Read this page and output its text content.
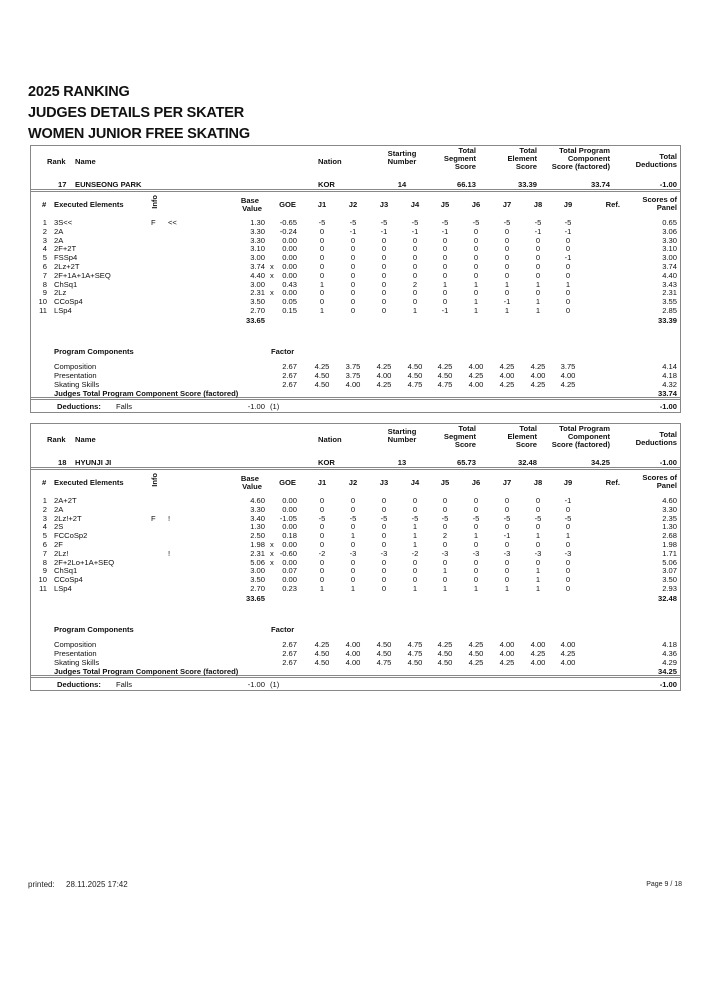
2025 RANKING
JUDGES DETAILS PER SKATER
WOMEN JUNIOR FREE SKATING
Rank Name	Nation
Starting
Number
Total
Segment
Score
Total
Element
Score
Total Program
Component
Score (factored)
Total
Deductions
17 EUNSEONG PARK	KOR	14	66.13	33.39	33.74	-1.00
# Executed Elements	Info	Base
Value	GOE	J1	J2	J3	J4	J5	J6	J7	J8	J9	Ref.
Scores of
Panel
1 3S<<	F <<	1.30	-0.65	-5	-5	-5	-5	-5	-5	-5	-5	-5	0.65
2 2A	3.30	-0.24	0	-1	-1	-1	-1	0	0	-1	-1	3.06
3 2A	3.30	0.00	0	0	0	0	0	0	0	0	0	3.30
4 2F+2T	3.10	0.00	0	0	0	0	0	0	0	0	0	3.10
5 FSSp4	3.00	0.00	0	0	0	0	0	0	0	0	-1	3.00
6 2Lz+2T	3.74 x	0.00	0	0	0	0	0	0	0	0	0	3.74
7 2F+1A+1A+SEQ	4.40 x	0.00	0	0	0	0	0	0	0	0	0	4.40
8 ChSq1	3.00	0.43	1	0	0	2	1	1	1	1	1	3.43
9 2Lz	2.31 x	0.00	0	0	0	0	0	0	0	0	0	2.31
10 CCoSp4	3.50	0.05	0	0	0	0	0	1	-1	1	0	3.55
11 LSp4	2.70	0.15	1	0	0	1	-1	1	1	1	0	2.85
33.65	33.39
Program Components	Factor
Composition	2.67	4.25	3.75	4.25	4.50	4.25	4.00	4.25	4.25	3.75	4.14
Presentation	2.67	4.50	3.75	4.00	4.50	4.50	4.25	4.00	4.00	4.00	4.18
Skating Skills	2.67	4.50	4.00	4.25	4.75	4.75	4.00	4.25	4.25	4.25	4.32
Judges Total Program Component Score (factored)	33.74
Deductions: Falls	-1.00 (1)	-1.00
Rank Name	Nation
Starting
Number
Total
Segment
Score
Total
Element
Score
Total Program
Component
Score (factored)
Total
Deductions
18 HYUNJI JI	KOR	13	65.73	32.48	34.25	-1.00
# Executed Elements	Info	Base
Value	GOE	J1	J2	J3	J4	J5	J6	J7	J8	J9	Ref.
Scores of
Panel
1 2A+2T	4.60	0.00	0	0	0	0	0	0	0	0	-1	4.60
2 2A	3.30	0.00	0	0	0	0	0	0	0	0	0	3.30
3 2Lz!+2T	F !	3.40	-1.05	-5	-5	-5	-5	-5	-5	-5	-5	-5	2.35
4 2S	1.30	0.00	0	0	0	1	0	0	0	0	0	1.30
5 FCCoSp2	2.50	0.18	0	1	0	1	2	1	-1	1	1	2.68
6 2F	1.98 x	0.00	0	0	0	1	0	0	0	0	0	1.98
7 2Lz!	!	2.31 x -0.60	-2	-3	-3	-2	-3	-3	-3	-3	-3	1.71
8 2F+2Lo+1A+SEQ	5.06 x	0.00	0	0	0	0	0	0	0	0	0	5.06
9 ChSq1	3.00	0.07	0	0	0	0	1	0	0	1	0	3.07
10 CCoSp4	3.50	0.00	0	0	0	0	0	0	0	1	0	3.50
11 LSp4	2.70	0.23	1	1	0	1	1	1	1	1	0	2.93
33.65	32.48
Program Components	Factor
Composition	2.67	4.25	4.00	4.50	4.75	4.25	4.25	4.00	4.00	4.00	4.18
Presentation	2.67	4.50	4.00	4.50	4.75	4.50	4.50	4.00	4.25	4.25	4.36
Skating Skills	2.67	4.50	4.00	4.75	4.50	4.50	4.25	4.25	4.00	4.00	4.29
Judges Total Program Component Score (factored)	34.25
Deductions: Falls	-1.00 (1)	-1.00
printed: 28.11.2025 17:42	Page 9 / 18
